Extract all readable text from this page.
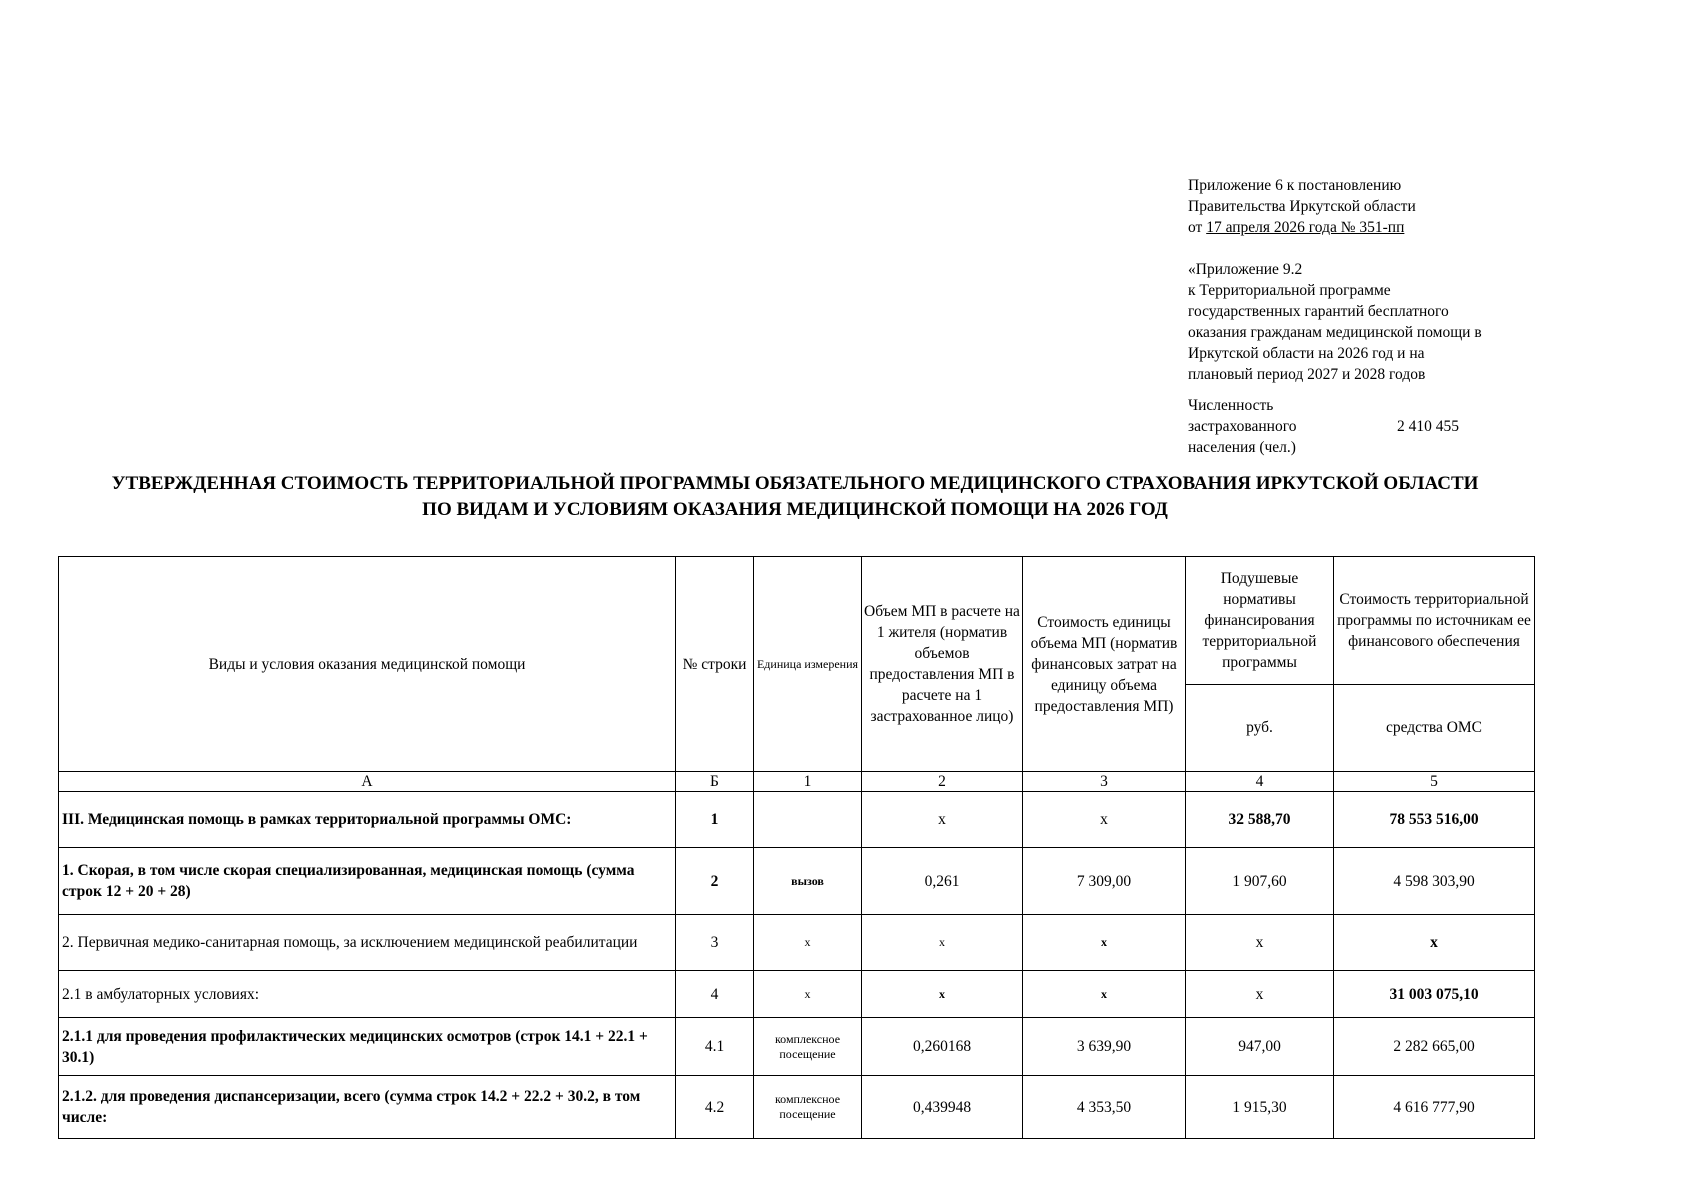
Приложение 6 к постановлению

Правительства Иркутской области

от 17 апреля 2026 года № 351-пп

«Приложение 9.2

к Территориальной программе

государственных гарантий бесплатного

оказания гражданам медицинской помощи в

Иркутской области на 2026 год и на

плановый период 2027 и 2028 годов

Численность
застрахованного
населения (чел.)
2 410 455
УТВЕРЖДЕННАЯ СТОИМОСТЬ ТЕРРИТОРИАЛЬНОЙ ПРОГРАММЫ ОБЯЗАТЕЛЬНОГО МЕДИЦИНСКОГО СТРАХОВАНИЯ ИРКУТСКОЙ ОБЛАСТИ
ПО ВИДАМ И УСЛОВИЯМ ОКАЗАНИЯ МЕДИЦИНСКОЙ ПОМОЩИ НА 2026 ГОД
Виды и условия оказания медицинской помощи	№ строки	Единица измерения	Объем МП в расчете на 1 жителя (норматив объемов предоставления МП в расчете на 1 застрахованное лицо)	Стоимость единицы объема МП (норматив финансовых затрат на единицу объема предоставления МП)	Подушевые нормативы финансирования территориальной программы	Стоимость территориальной программы по источникам ее финансового обеспечения
					руб.	средства ОМС
А	Б	1	2	3	4	5
III. Медицинская помощь в рамках территориальной программы ОМС:	1		х	х	32 588,70	78 553 516,00
1. Скорая, в том числе скорая специализированная, медицинская помощь (сумма строк 12 + 20 + 28)	2	вызов	0,261	7 309,00	1 907,60	4 598 303,90
2. Первичная медико-санитарная помощь, за исключением медицинской реабилитации	3	х	х	х	х	х
2.1 в амбулаторных условиях:	4	х	х	х	х	31 003 075,10
2.1.1 для проведения профилактических медицинских осмотров (строк 14.1 + 22.1 + 30.1)	4.1	комплексное посещение	0,260168	3 639,90	947,00	2 282 665,00
2.1.2. для проведения диспансеризации, всего (сумма строк 14.2 + 22.2 + 30.2, в том числе:	4.2	комплексное посещение	0,439948	4 353,50	1 915,30	4 616 777,90
